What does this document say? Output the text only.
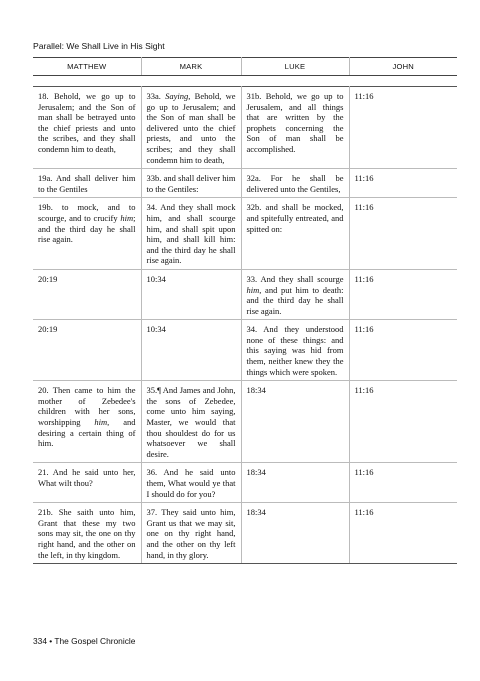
Parallel: We Shall Live in His Sight
MATTHEW	MARK	LUKE	JOHN
18. Behold, we go up to Jerusalem; and the Son of man shall be betrayed unto the chief priests and unto the scribes, and they shall condemn him to death,	33a. Saying, Behold, we go up to Jerusalem; and the Son of man shall be delivered unto the chief priests, and unto the scribes; and they shall condemn him to death,	31b. Behold, we go up to Jerusalem, and all things that are written by the prophets concerning the Son of man shall be accomplished.	11:16
19a. And shall deliver him to the Gentiles	33b. and shall deliver him to the Gentiles:	32a. For he shall be delivered unto the Gentiles,	11:16
19b. to mock, and to scourge, and to crucify him; and the third day he shall rise again.	34. And they shall mock him, and shall scourge him, and shall spit upon him, and shall kill him: and the third day he shall rise again.	32b. and shall be mocked, and spitefully entreated, and spitted on:	11:16
20:19	10:34	33. And they shall scourge him, and put him to death: and the third day he shall rise again.	11:16
20:19	10:34	34. And they understood none of these things: and this saying was hid from them, neither knew they the things which were spoken.	11:16
20. Then came to him the mother of Zebedee's children with her sons, worshipping him, and desiring a certain thing of him.	35.¶ And James and John, the sons of Zebedee, come unto him saying, Master, we would that thou shouldest do for us whatsoever we shall desire.	18:34	11:16
21. And he said unto her, What wilt thou?	36. And he said unto them, What would ye that I should do for you?	18:34	11:16
21b. She saith unto him, Grant that these my two sons may sit, the one on thy right hand, and the other on the left, in thy kingdom.	37. They said unto him, Grant us that we may sit, one on thy right hand, and the other on thy left hand, in thy glory.	18:34	11:16
334 • The Gospel Chronicle
